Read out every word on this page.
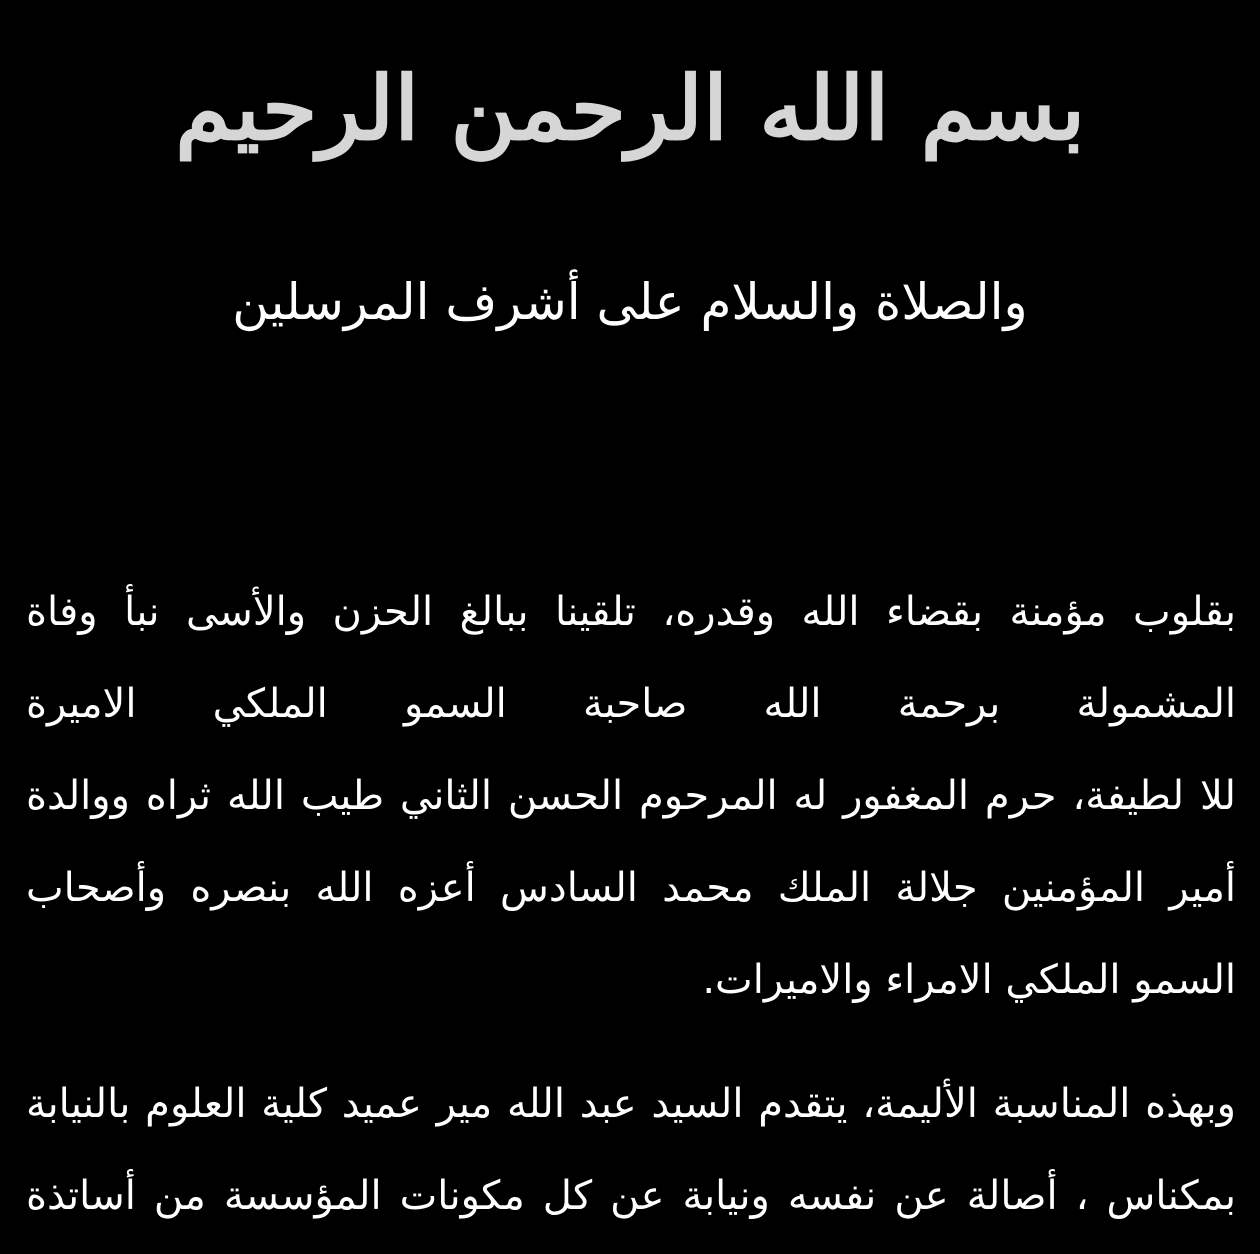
بسم الله الرحمن الرحيم
والصلاة والسلام على أشرف المرسلين
بقلوب مؤمنة بقضاء الله وقدره، تلقينا ببالغ الحزن والأسى نبأ وفاة
المشمولة برحمة الله صاحبة السمو الملكي الاميرة
للا لطيفة، حرم المغفور له المرحوم الحسن الثاني طيب الله ثراه ووالدة
أمير المؤمنين جلالة الملك محمد السادس أعزه الله بنصره وأصحاب
السمو الملكي الامراء والاميرات.
وبهذه المناسبة الأليمة، يتقدم السيد عبد الله مير عميد كلية العلوم بالنيابة
بمكناس ، أصالة عن نفسه ونيابة عن كل مكونات المؤسسة من أساتذة
